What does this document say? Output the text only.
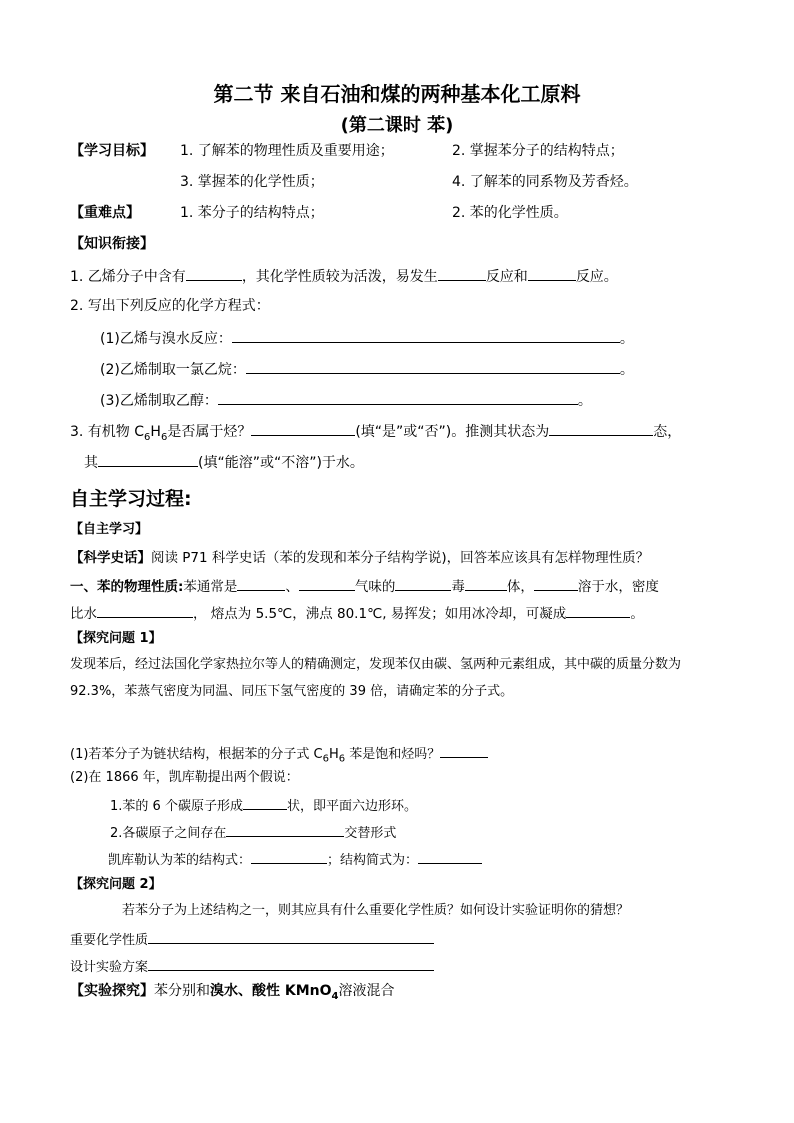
第二节 来自石油和煤的两种基本化工原料
(第二课时 苯)
【学习目标】 1. 了解苯的物理性质及重要用途；	2. 掌握苯分子的结构特点；
3. 掌握苯的化学性质；	4. 了解苯的同系物及芳香烃。
【重难点】	1. 苯分子的结构特点；	2. 苯的化学性质。
【知识衔接】
1. 乙烯分子中含有	，其化学性质较为活泼，易发生	反应和	反应。
2. 写出下列反应的化学方程式：
(1)乙烯与溴水反应：	。
(2)乙烯制取一氯乙烷：	。
(3)乙烯制取乙醇：	。
3. 有机物 $C_6H_6$是否属于烃？	(填“是”或“否”)。推测其状态为	态，
其	(填“能溶”或“不溶”)于水。
自主学习过程:
【自主学习】
【科学史话】阅读 P71 科学史话（苯的发现和苯分子结构学说)，回答苯应该具有怎样物理性质？
一、苯的物理性质:苯通常是	、	气味的	毒	体，	溶于水，密度
比水	， 熔点为 5.5℃，沸点 80.1℃, 易挥发；如用冰冷却，可凝成	。
【探究问题 1】
发现苯后，经过法国化学家热拉尔等人的精确测定，发现苯仅由碳、氢两种元素组成，其中碳的质量分数为
92.3%，苯蒸气密度为同温、同压下氢气密度的 39 倍，请确定苯的分子式。
(1)若苯分子为链状结构，根据苯的分子式 $C_6H_6$ 苯是饱和烃吗？
(2)在 1866 年，凯库勒提出两个假说：
1.苯的 6 个碳原子形成	状，即平面六边形环。
2.各碳原子之间存在	交替形式
凯库勒认为苯的结构式：	；结构简式为：
【探究问题 2】
若苯分子为上述结构之一，则其应具有什么重要化学性质？如何设计实验证明你的猜想？
重要化学性质
设计实验方案
【实验探究】苯分别和溴水、酸性 KMnO$_4$溶液混合
